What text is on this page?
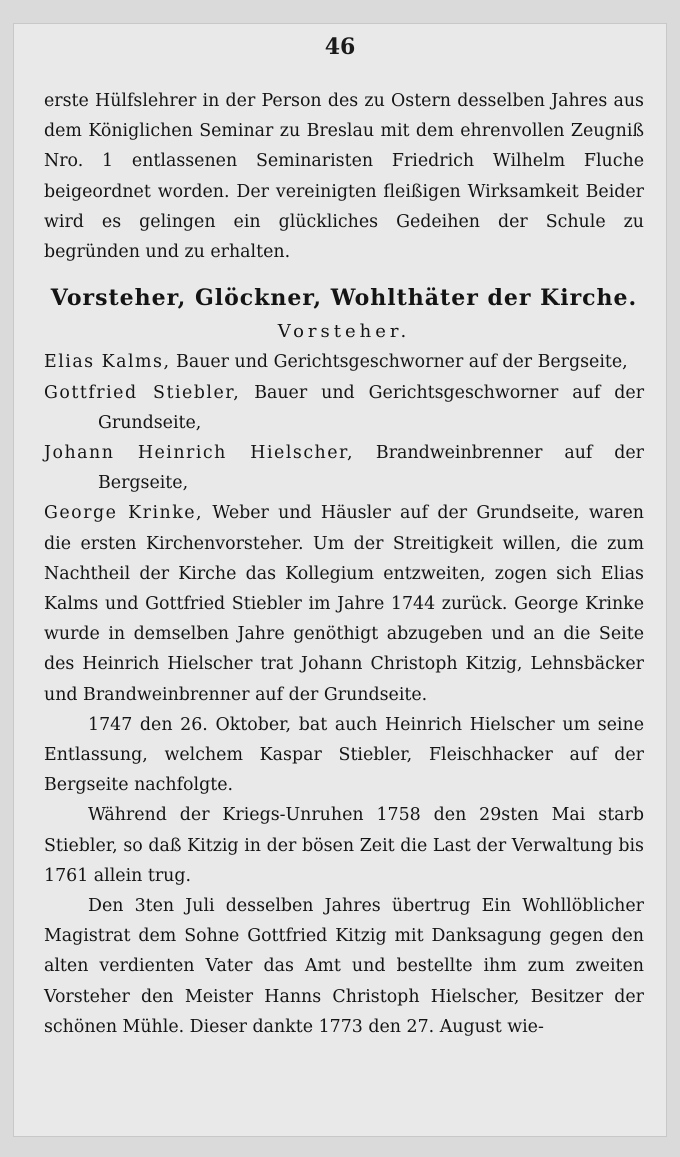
46

erste Hülfslehrer in der Person des zu Ostern desselben Jahres aus dem Königlichen Seminar zu Breslau mit dem ehrenvollen Zeugniß Nro. 1 entlassenen Seminaristen Friedrich Wilhelm Fluche beigeordnet worden. Der vereinigten fleißigen Wirksamkeit Beider wird es gelingen ein glückliches Gedeihen der Schule zu begründen und zu erhalten.

Vorsteher, Glöckner, Wohlthäter der Kirche.

Vorsteher.

Elias Kalms, Bauer und Gerichtsgeschworner auf der Bergseite,

Gottfried Stiebler, Bauer und Gerichtsgeschworner auf der Grundseite,

Johann Heinrich Hielscher, Brandweinbrenner auf der Bergseite,

George Krinke, Weber und Häusler auf der Grundseite, waren die ersten Kirchenvorsteher. Um der Streitigkeit willen, die zum Nachtheil der Kirche das Kollegium entzweiten, zogen sich Elias Kalms und Gottfried Stiebler im Jahre 1744 zurück. George Krinke wurde in demselben Jahre genöthigt abzugeben und an die Seite des Heinrich Hielscher trat Johann Christoph Kitzig, Lehnsbäcker und Brandweinbrenner auf der Grundseite.

1747 den 26. Oktober, bat auch Heinrich Hielscher um seine Entlassung, welchem Kaspar Stiebler, Fleischhacker auf der Bergseite nachfolgte.

Während der Kriegs-Unruhen 1758 den 29sten Mai starb Stiebler, so daß Kitzig in der bösen Zeit die Last der Verwaltung bis 1761 allein trug.

Den 3ten Juli desselben Jahres übertrug Ein Wohllöblicher Magistrat dem Sohne Gottfried Kitzig mit Danksagung gegen den alten verdienten Vater das Amt und bestellte ihm zum zweiten Vorsteher den Meister Hanns Christoph Hielscher, Besitzer der schönen Mühle. Dieser dankte 1773 den 27. August wie-
